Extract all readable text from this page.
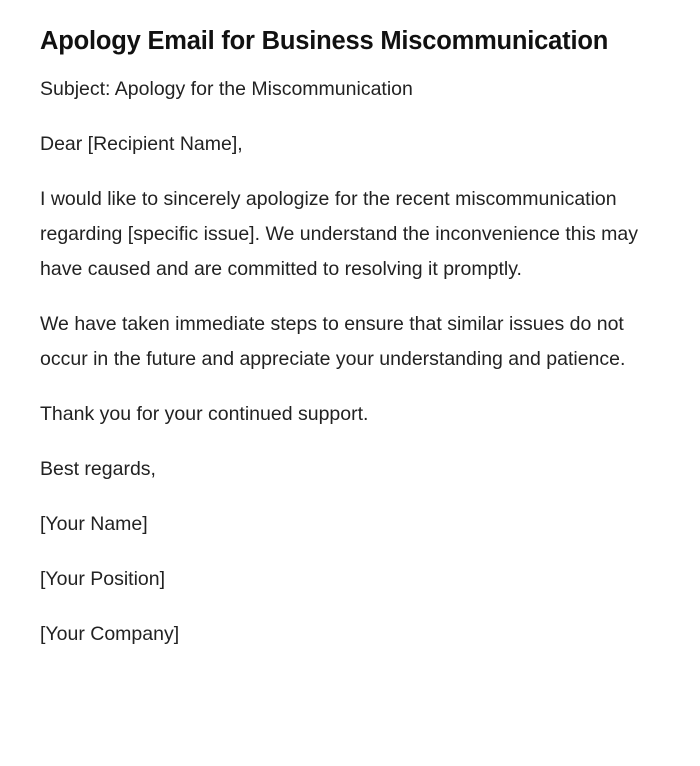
Apology Email for Business Miscommunication

Subject: Apology for the Miscommunication

Dear [Recipient Name],

I would like to sincerely apologize for the recent miscommunication regarding [specific issue]. We understand the inconvenience this may have caused and are committed to resolving it promptly.

We have taken immediate steps to ensure that similar issues do not occur in the future and appreciate your understanding and patience.

Thank you for your continued support.

Best regards,

[Your Name]

[Your Position]

[Your Company]
